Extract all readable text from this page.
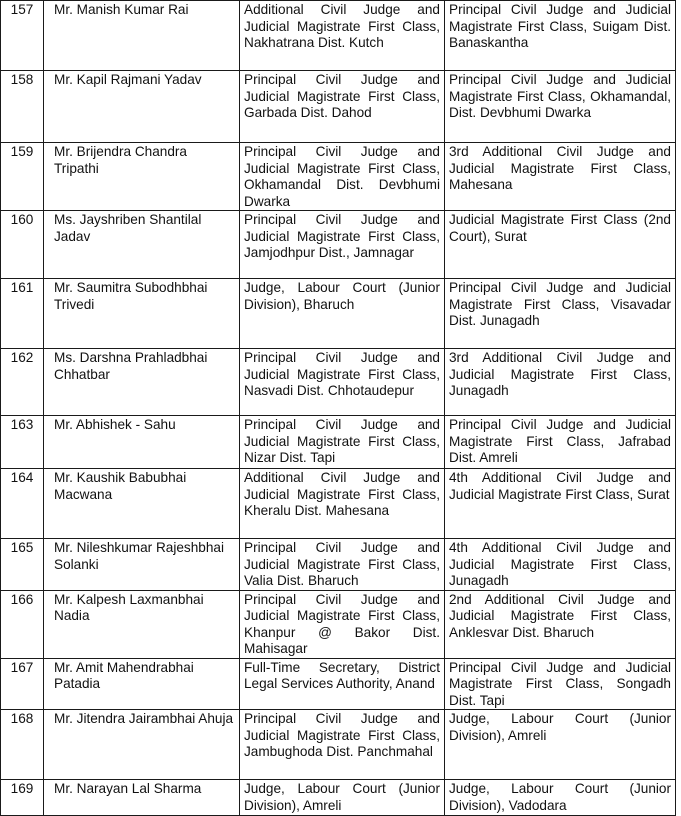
157	Mr. Manish Kumar Rai	Additional Civil Judge and Judicial Magistrate First Class, Nakhatrana Dist. Kutch	Principal Civil Judge and Judicial Magistrate First Class, Suigam Dist. Banaskantha
158	Mr. Kapil Rajmani Yadav	Principal Civil Judge and Judicial Magistrate First Class, Garbada Dist. Dahod	Principal Civil Judge and Judicial Magistrate First Class, Okhamandal, Dist. Devbhumi Dwarka
159	Mr. Brijendra Chandra Tripathi	Principal Civil Judge and Judicial Magistrate First Class, Okhamandal Dist. Devbhumi Dwarka	3rd Additional Civil Judge and Judicial Magistrate First Class, Mahesana
160	Ms. Jayshriben Shantilal Jadav	Principal Civil Judge and Judicial Magistrate First Class, Jamjodhpur Dist., Jamnagar	Judicial Magistrate First Class (2nd Court), Surat
161	Mr. Saumitra Subodhbhai Trivedi	Judge, Labour Court (Junior Division), Bharuch	Principal Civil Judge and Judicial Magistrate First Class, Visavadar Dist. Junagadh
162	Ms. Darshna Prahladbhai Chhatbar	Principal Civil Judge and Judicial Magistrate First Class, Nasvadi Dist. Chhotaudepur	3rd Additional Civil Judge and Judicial Magistrate First Class, Junagadh
163	Mr. Abhishek - Sahu	Principal Civil Judge and Judicial Magistrate First Class, Nizar Dist. Tapi	Principal Civil Judge and Judicial Magistrate First Class, Jafrabad Dist. Amreli
164	Mr. Kaushik Babubhai Macwana	Additional Civil Judge and Judicial Magistrate First Class, Kheralu Dist. Mahesana	4th Additional Civil Judge and Judicial Magistrate First Class, Surat
165	Mr. Nileshkumar Rajeshbhai Solanki	Principal Civil Judge and Judicial Magistrate First Class, Valia Dist. Bharuch	4th Additional Civil Judge and Judicial Magistrate First Class, Junagadh
166	Mr. Kalpesh Laxmanbhai Nadia	Principal Civil Judge and Judicial Magistrate First Class, Khanpur @ Bakor Dist. Mahisagar	2nd Additional Civil Judge and Judicial Magistrate First Class, Anklesvar Dist. Bharuch
167	Mr. Amit Mahendrabhai Patadia	Full-Time Secretary, District Legal Services Authority, Anand	Principal Civil Judge and Judicial Magistrate First Class, Songadh Dist. Tapi
168	Mr. Jitendra Jairambhai Ahuja	Principal Civil Judge and Judicial Magistrate First Class, Jambughoda Dist. Panchmahal	Judge, Labour Court (Junior Division), Amreli
169	Mr. Narayan Lal Sharma	Judge, Labour Court (Junior Division), Amreli	Judge, Labour Court (Junior Division), Vadodara
